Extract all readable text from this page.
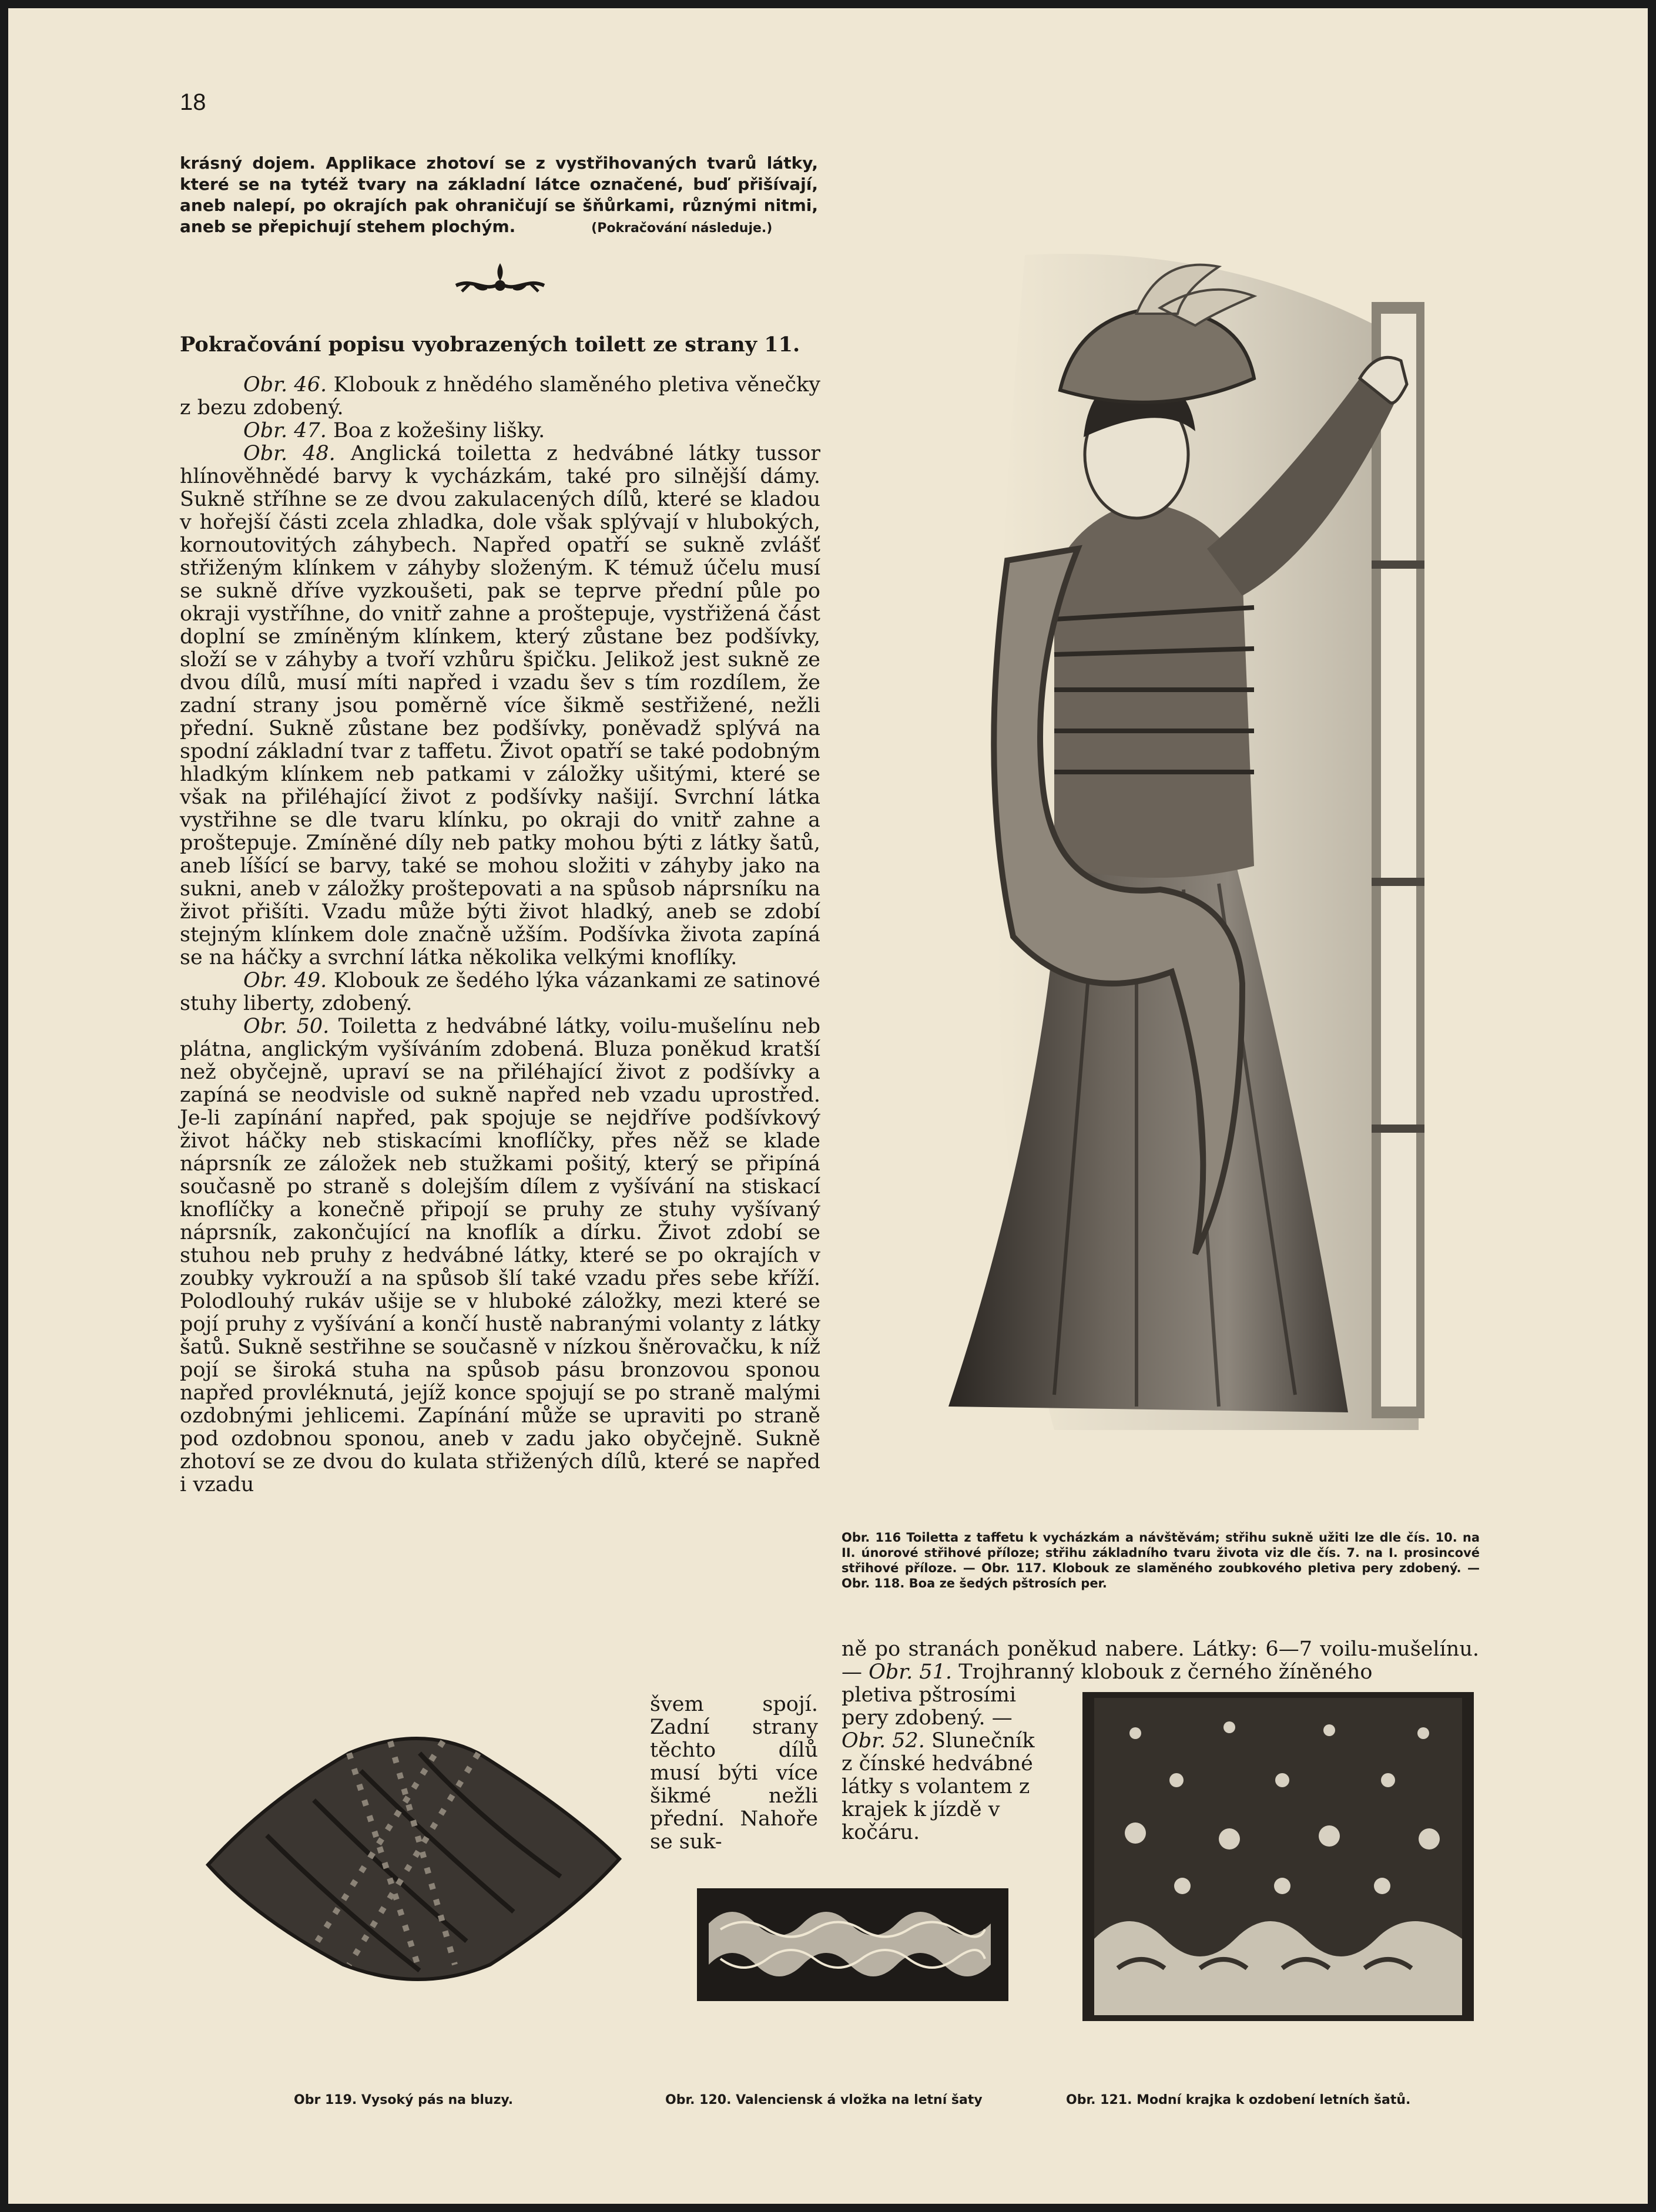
18
krásný dojem. Applikace zhotoví se z vystřihovaných tvarů látky, které se na tytéž tvary na základní látce označené, buď přišívají, aneb nalepí, po okrajích pak ohraničují se šňůrkami, různými nitmi, aneb se přepichují stehem plochým.	(Pokračování následuje.)
Pokračování popisu vyobrazených toilett ze strany 11.

Obr. 46. Klobouk z hnědého slaměného pletiva věnečky z bezu zdobený.

Obr. 47. Boa z kožešiny lišky.

Obr. 48. Anglická toiletta z hedvábné látky tussor hlínověhnědé barvy k vycházkám, také pro silnější dámy. Sukně stříhne se ze dvou zakulacených dílů, které se kladou v hořejší části zcela zhladka, dole však splývají v hlubokých, kornoutovitých záhybech. Napřed opatří se sukně zvlášť střiženým klínkem v záhyby složeným. K témuž účelu musí se sukně dříve vyzkoušeti, pak se teprve přední půle po okraji vystříhne, do vnitř zahne a proštepuje, vystřižená část doplní se zmíněným klínkem, který zůstane bez podšívky, složí se v záhyby a tvoří vzhůru špičku. Jelikož jest sukně ze dvou dílů, musí míti napřed i vzadu šev s tím rozdílem, že zadní strany jsou poměrně více šikmě sestřižené, nežli přední. Sukně zůstane bez podšívky, poněvadž splývá na spodní základní tvar z taffetu. Život opatří se také podobným hladkým klínkem neb patkami v záložky ušitými, které se však na přiléhající život z podšívky našijí. Svrchní látka vystřihne se dle tvaru klínku, po okraji do vnitř zahne a proštepuje. Zmíněné díly neb patky mohou býti z látky šatů, aneb líšící se barvy, také se mohou složiti v záhyby jako na sukni, aneb v záložky proštepovati a na spůsob náprsníku na život přišíti. Vzadu může býti život hladký, aneb se zdobí stejným klínkem dole značně užším. Podšívka života zapíná se na háčky a svrchní látka několika velkými knoflíky.

Obr. 49. Klobouk ze šedého lýka vázankami ze satinové stuhy liberty, zdobený.

Obr. 50. Toiletta z hedvábné látky, voilu-mušelínu neb plátna, anglickým vyšíváním zdobená. Bluza poněkud kratší než obyčejně, upraví se na přiléhající život z podšívky a zapíná se neodvisle od sukně napřed neb vzadu uprostřed. Je-li zapínání napřed, pak spojuje se nejdříve podšívkový život háčky neb stiskacími knoflíčky, přes něž se klade náprsník ze záložek neb stužkami pošitý, který se připíná současně po straně s dolejším dílem z vyšívání na stiskací knoflíčky a konečně připojí se pruhy ze stuhy vyšívaný náprsník, zakončující na knoflík a dírku. Život zdobí se stuhou neb pruhy z hedvábné látky, které se po okrajích v zoubky vykrouží a na spůsob šlí také vzadu přes sebe kříží. Polodlouhý rukáv ušije se v hluboké záložky, mezi které se pojí pruhy z vyšívání a končí hustě nabranými volanty z látky šatů. Sukně sestřihne se současně v nízkou šněrovačku, k níž pojí se široká stuha na spůsob pásu bronzovou sponou napřed provléknutá, jejíž konce spojují se po straně malými ozdobnými jehlicemi. Zapínání může se upraviti po straně pod ozdobnou sponou, aneb v zadu jako obyčejně. Sukně zhotoví se ze dvou do kulata střižených dílů, které se napřed i vzadu

švem spojí. Zadní strany těchto dílů musí býti více šikmé nežli přední. Nahoře se suk-
Obr. 116 Toiletta z taffetu k vycházkám a návštěvám; střihu sukně užiti lze dle čís. 10. na II. únorové střihové příloze; střihu základního tvaru života viz dle čís. 7. na I. prosincové střihové příloze. — Obr. 117. Klobouk ze slaměného zoubkového pletiva pery zdobený. — Obr. 118. Boa ze šedých pštrosích per.
ně po stranách poněkud nabere. Látky: 6—7 voilu-mušelínu. — Obr. 51. Trojhranný klobouk z černého žíněného
pletiva pštrosími pery zdobený. — Obr. 52. Slunečník z čínské hedvábné látky s volantem z krajek k jízdě v kočáru.
Obr 119. Vysoký pás na bluzy.	Obr. 120. Valenciensk á vložka na letní šaty	Obr. 121. Modní krajka k ozdobení letních šatů.
